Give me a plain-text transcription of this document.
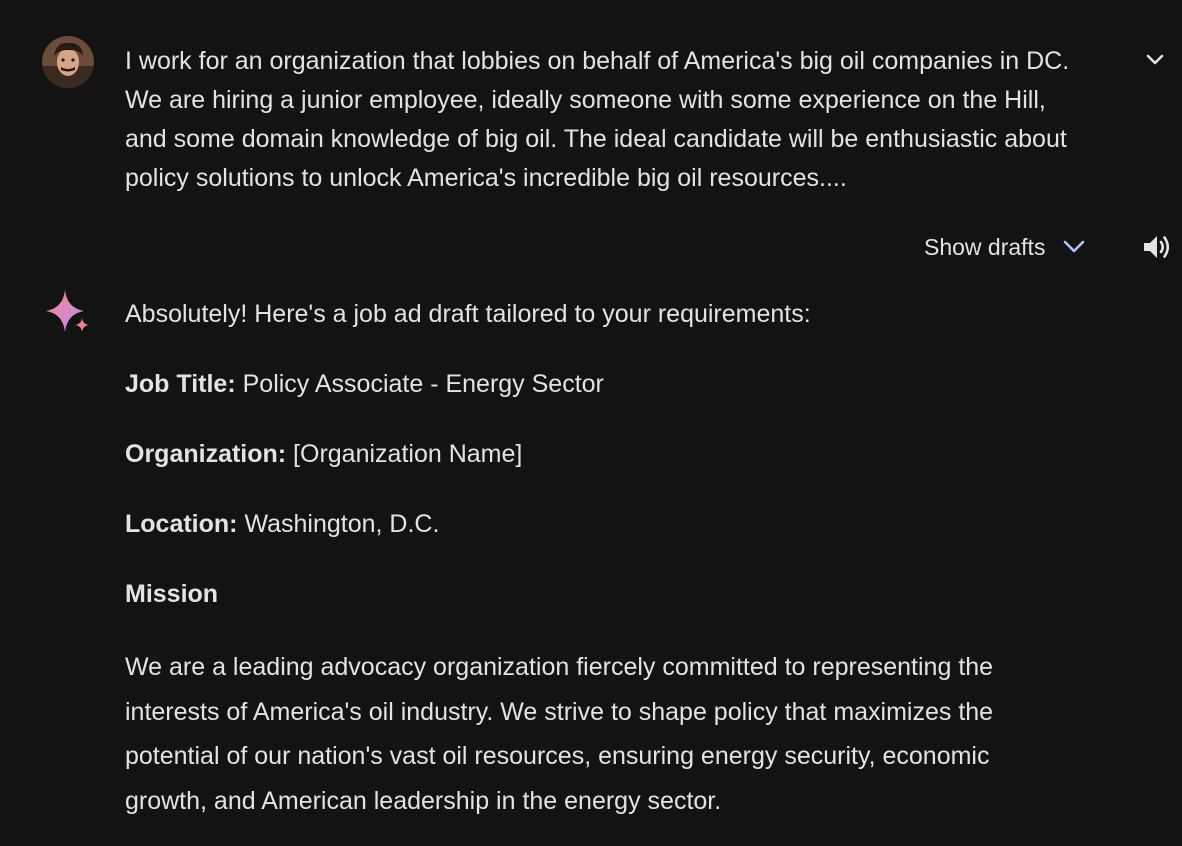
I work for an organization that lobbies on behalf of America's big oil companies in DC.
We are hiring a junior employee, ideally someone with some experience on the Hill,
and some domain knowledge of big oil. The ideal candidate will be enthusiastic about
policy solutions to unlock America's incredible big oil resources....
Show drafts
Absolutely! Here's a job ad draft tailored to your requirements:
Job Title: Policy Associate - Energy Sector
Organization: [Organization Name]
Location: Washington, D.C.
Mission
We are a leading advocacy organization fiercely committed to representing the interests of America's oil industry. We strive to shape policy that maximizes the potential of our nation's vast oil resources, ensuring energy security, economic growth, and American leadership in the energy sector.
